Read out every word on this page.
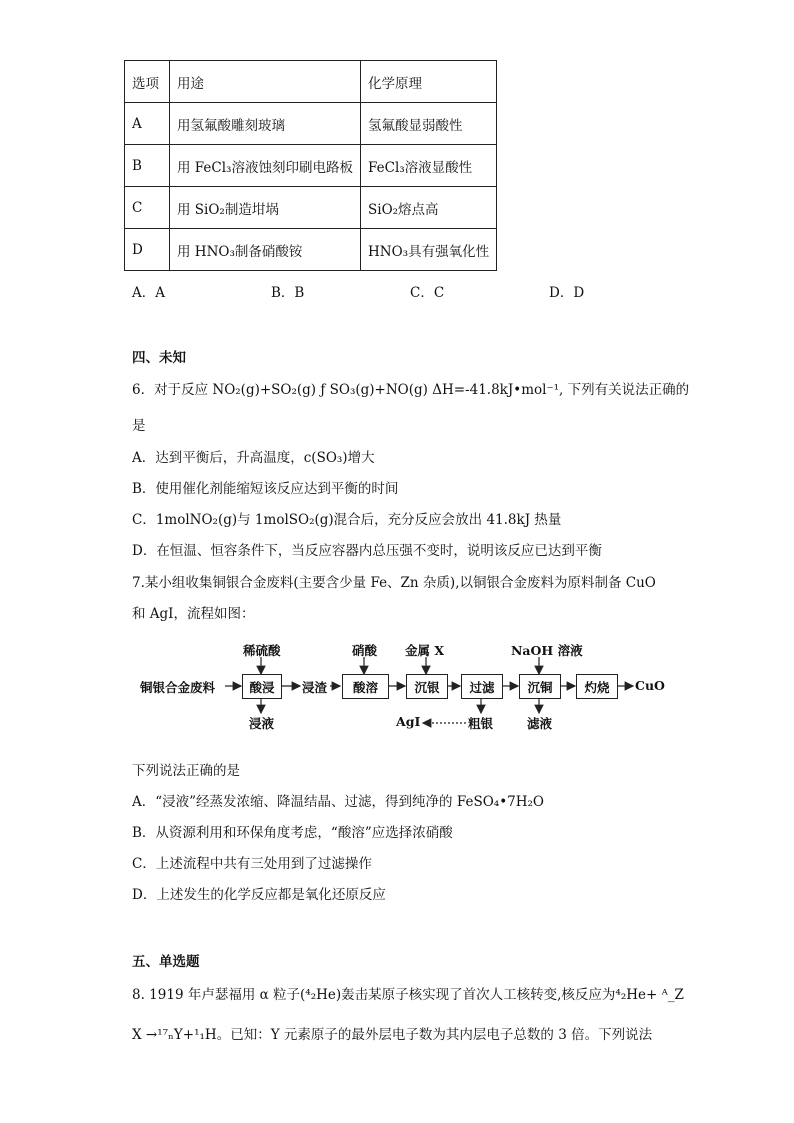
选项	用途	化学原理
A	用氢氟酸雕刻玻璃	氢氟酸显弱酸性
B	用 FeCl₃溶液蚀刻印刷电路板	FeCl₃溶液显酸性
C	用 SiO₂制造坩埚	SiO₂熔点高
D	用 HNO₃制备硝酸铵	HNO₃具有强氧化性
A．A	B．B	C．C	D．D
四、未知
6．对于反应 NO₂(g)+SO₂(g) ƒ SO₃(g)+NO(g) ΔH=-41.8kJ•mol⁻¹, 下列有关说法正确的
是
A．达到平衡后，升高温度，c(SO₃)增大
B．使用催化剂能缩短该反应达到平衡的时间
C．1molNO₂(g)与 1molSO₂(g)混合后，充分反应会放出 41.8kJ 热量
D．在恒温、恒容条件下，当反应容器内总压强不变时，说明该反应已达到平衡
7.某小组收集铜银合金废料(主要含少量 Fe、Zn 杂质),以铜银合金废料为原料制备 CuO
和 AgI，流程如图：
铜银合金废料	酸浸
稀硫酸
浸液
浸渣	酸溶
硝酸
沉银
金属 X
过滤
粗银
AgI
沉铜
NaOH 溶液
滤液
灼烧	CuO
下列说法正确的是
A．“浸液”经蒸发浓缩、降温结晶、过滤，得到纯净的 FeSO₄•7H₂O
B．从资源利用和环保角度考虑，“酸溶”应选择浓硝酸
C．上述流程中共有三处用到了过滤操作
D．上述发生的化学反应都是氧化还原反应
五、单选题
8. 1919 年卢瑟福用 α 粒子(⁴₂He)轰击某原子核实现了首次人工核转变,核反应为⁴₂He+ ᴬ_Z
X →¹⁷ₙY+¹₁H。已知：Y 元素原子的最外层电子数为其内层电子总数的 3 倍。下列说法
